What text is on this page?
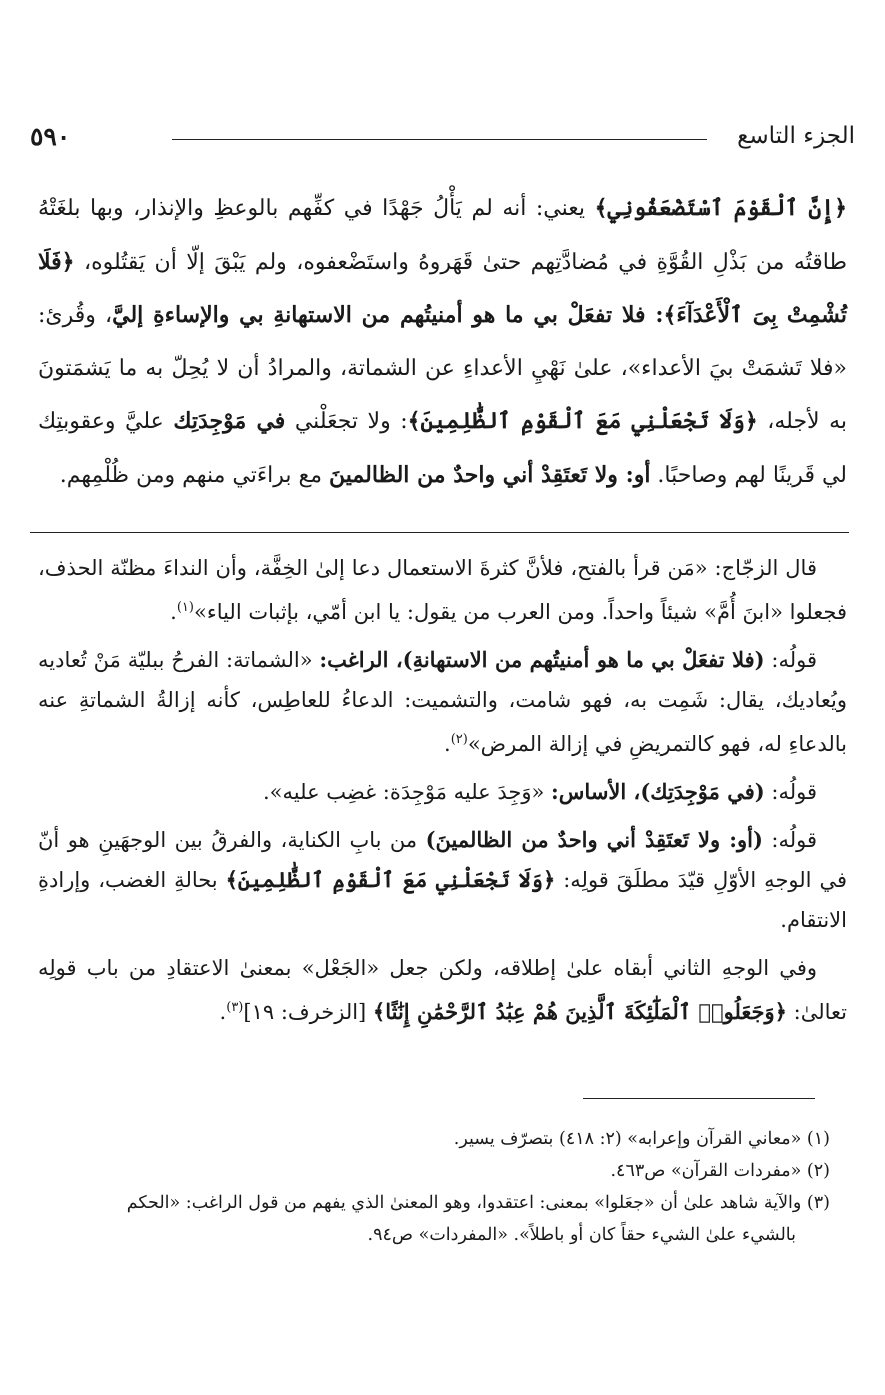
٥٩٠	الجزء التاسع
﴿إِنَّ ٱلْقَوْمَ ٱسْتَضْعَفُونِي﴾ يعني: أنه لم يَأْلُ جَهْدًا في كفِّهم بالوعظِ والإنذار، وبها بلغَتْهُ طاقتُه من بَذْلِ القُوَّةِ في مُضادَّتِهم حتىٰ قَهَروهُ واستَضْعفوه، ولم يَبْقَ إلّا أن يَقتُلوه، ﴿فَلَا تُشْمِتْ بِىَ ٱلْأَعْدَآءَ﴾: فلا تفعَلْ بي ما هو أمنيتُهم من الاستهانةِ بي والإساءةِ إليَّ، وقُرئ: «فلا تَشمَتْ بيَ الأعداء»، علىٰ نَهْيِ الأعداءِ عن الشماتة، والمرادُ أن لا يُحِلّ به ما يَشمَتونَ به لأجله، ﴿وَلَا تَجْعَلْنِي مَعَ ٱلْقَوْمِ ٱلظَّٰلِمِينَ﴾: ولا تجعَلْني في مَوْجِدَتِك عليَّ وعقوبتِك لي قَرينًا لهم وصاحبًا. أو: ولا تَعتَقِدْ أني واحدٌ من الظالمينَ مع براءَتي منهم ومن ظُلْمِهم.

قال الزجّاج: «مَن قرأ بالفتح، فلأنَّ كثرةَ الاستعمال دعا إلىٰ الخِفَّة، وأن النداءَ مظنّة الحذف، فجعلوا «ابنَ أُمَّ» شيئاً واحداً. ومن العرب من يقول: يا ابن أمّي، بإثبات الياء»$^{(١)}$.

قولُه: (فلا تفعَلْ بي ما هو أمنيتُهم من الاستهانةِ)، الراغب: «الشماتة: الفرحُ ببليّة مَنْ تُعاديه ويُعاديك، يقال: شَمِت به، فهو شامت، والتشميت: الدعاءُ للعاطِس، كأنه إزالةُ الشماتةِ عنه بالدعاءِ له، فهو كالتمريضِ في إزالة المرض»$^{(٢)}$.

قولُه: (في مَوْجِدَتِك)، الأساس: «وَجِدَ عليه مَوْجِدَة: غضِب عليه».

قولُه: (أو: ولا تَعتَقِدْ أني واحدٌ من الظالمينَ) من بابِ الكناية، والفرقُ بين الوجهَينِ هو أنّ في الوجهِ الأوّلِ قيّدَ مطلَقَ قولِه: ﴿وَلَا تَجْعَلْنِي مَعَ ٱلْقَوْمِ ٱلظَّٰلِمِينَ﴾ بحالةِ الغضب، وإرادةِ الانتقام.

وفي الوجهِ الثاني أبقاه علىٰ إطلاقه، ولكن جعل «الجَعْل» بمعنىٰ الاعتقادِ من باب قولِه تعالىٰ: ﴿وَجَعَلُوا۟ ٱلْمَلَٰٓئِكَةَ ٱلَّذِينَ هُمْ عِبَٰدُ ٱلرَّحْمَٰنِ إِنَٰثًا﴾ [الزخرف: ١٩]$^{(٣)}$.

(١) «معاني القرآن وإعرابه» (٢: ٤١٨) بتصرّف يسير.

(٢) «مفردات القرآن» ص٤٦٣.

(٣) والآية شاهد علىٰ أن «جعَلوا» بمعنى: اعتقدوا، وهو المعنىٰ الذي يفهم من قول الراغب: «الحكم

بالشيء علىٰ الشيء حقاً كان أو باطلاً». «المفردات» ص٩٤.
